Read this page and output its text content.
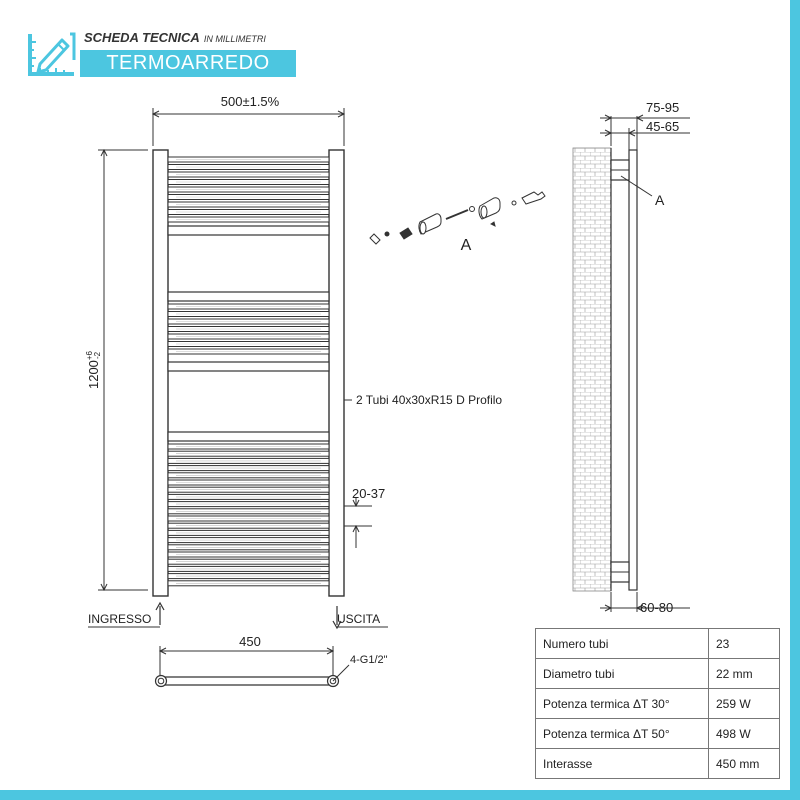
SCHEDA TECNICA IN MILLIMETRI
TERMOARREDO
500±1.5%
$1200^{+6}-2$
2 Tubi 40x30xR15 D Profilo
20-37
INGRESSO	USCITA
450
4-G1/2"
A
75-95
45-65
60-80
A
Numero tubi	23
Diametro tubi	22 mm
Potenza termica ΔT 30°	259 W
Potenza termica ΔT 50°	498 W
Interasse	450 mm
